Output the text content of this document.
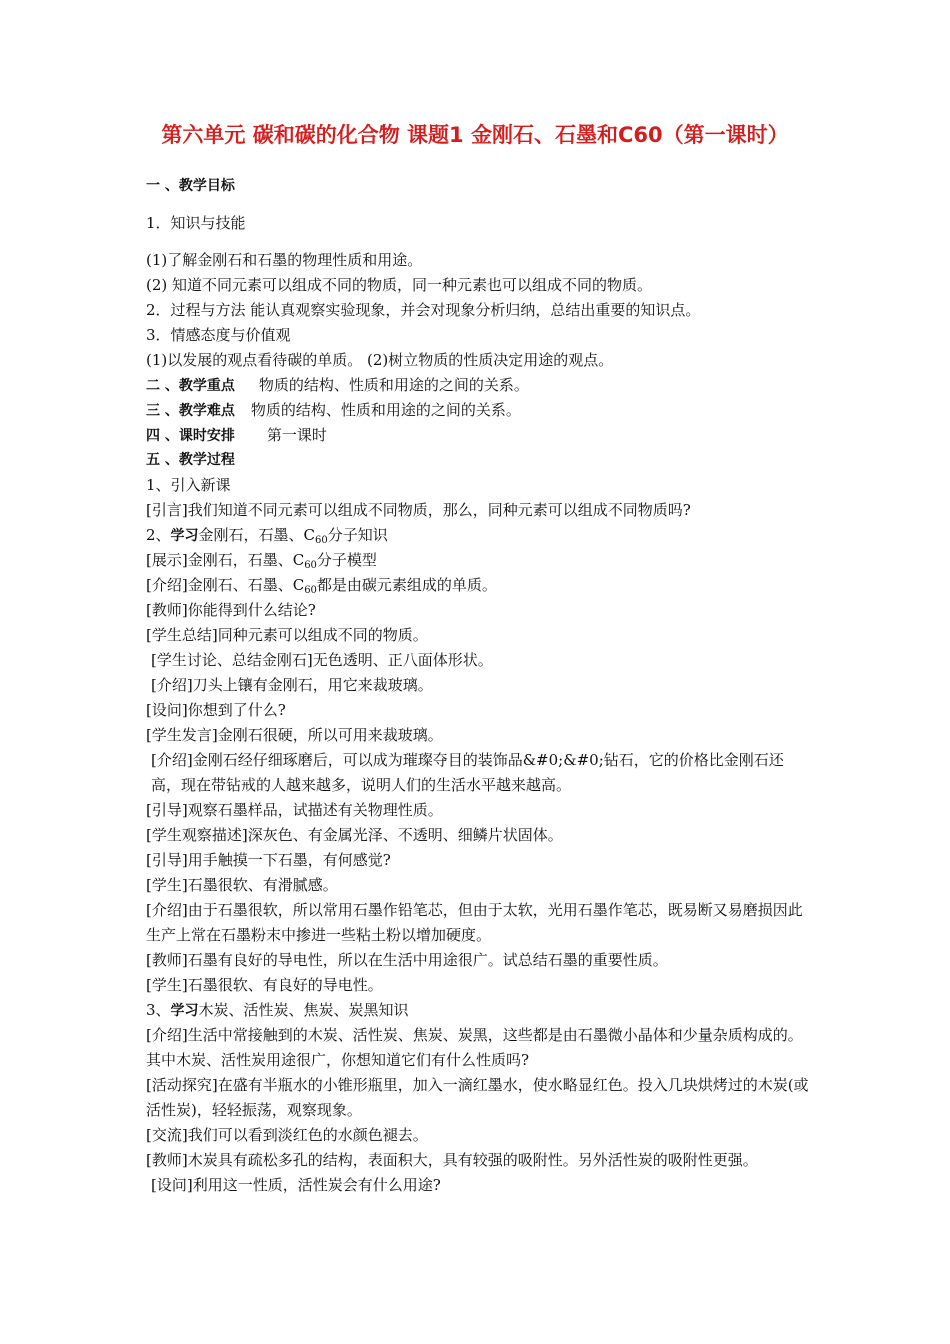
第六单元 碳和碳的化合物 课题1 金刚石、石墨和C60（第一课时）
一 、教学目标
1．知识与技能
(1)了解金刚石和石墨的物理性质和用途。
(2) 知道不同元素可以组成不同的物质，同一种元素也可以组成不同的物质。
2．过程与方法 能认真观察实验现象，并会对现象分析归纳，总结出重要的知识点。
3．情感态度与价值观
(1)以发展的观点看待碳的单质。 (2)树立物质的性质决定用途的观点。
二 、教学重点 物质的结构、性质和用途的之间的关系。
三 、教学难点 物质的结构、性质和用途的之间的关系。
四 、课时安排 第一课时
五 、教学过程
1、引入新课
[引言]我们知道不同元素可以组成不同物质，那么，同种元素可以组成不同物质吗?
2、学习金刚石，石墨、$C_{60}$分子知识
[展示]金刚石，石墨、$C_{60}$分子模型
[介绍]金刚石、石墨、$C_{60}$都是由碳元素组成的单质。
[教师]你能得到什么结论?
[学生总结]同种元素可以组成不同的物质。
[学生讨论、总结金刚石]无色透明、正八面体形状。
[介绍]刀头上镶有金刚石，用它来裁玻璃。
[设问]你想到了什么?
[学生发言]金刚石很硬，所以可用来裁玻璃。
[介绍]金刚石经仔细琢磨后，可以成为璀璨夺目的装饰品&#0;&#0;钻石，它的价格比金刚石还高，现在带钻戒的人越来越多，说明人们的生活水平越来越高。
[引导]观察石墨样品，试描述有关物理性质。
[学生观察描述]深灰色、有金属光泽、不透明、细鳞片状固体。
[引导]用手触摸一下石墨，有何感觉?
[学生]石墨很软、有滑腻感。
[介绍]由于石墨很软，所以常用石墨作铅笔芯，但由于太软，光用石墨作笔芯，既易断又易磨损因此生产上常在石墨粉末中掺进一些粘土粉以增加硬度。
[教师]石墨有良好的导电性，所以在生活中用途很广。试总结石墨的重要性质。
[学生]石墨很软、有良好的导电性。
3、学习木炭、活性炭、焦炭、炭黑知识
[介绍]生活中常接触到的木炭、活性炭、焦炭、炭黑，这些都是由石墨微小晶体和少量杂质构成的。其中木炭、活性炭用途很广，你想知道它们有什么性质吗?
[活动探究]在盛有半瓶水的小锥形瓶里，加入一滴红墨水，使水略显红色。投入几块烘烤过的木炭(或活性炭)，轻轻振荡，观察现象。
[交流]我们可以看到淡红色的水颜色褪去。
[教师]木炭具有疏松多孔的结构，表面积大，具有较强的吸附性。另外活性炭的吸附性更强。
[设问]利用这一性质，活性炭会有什么用途?
